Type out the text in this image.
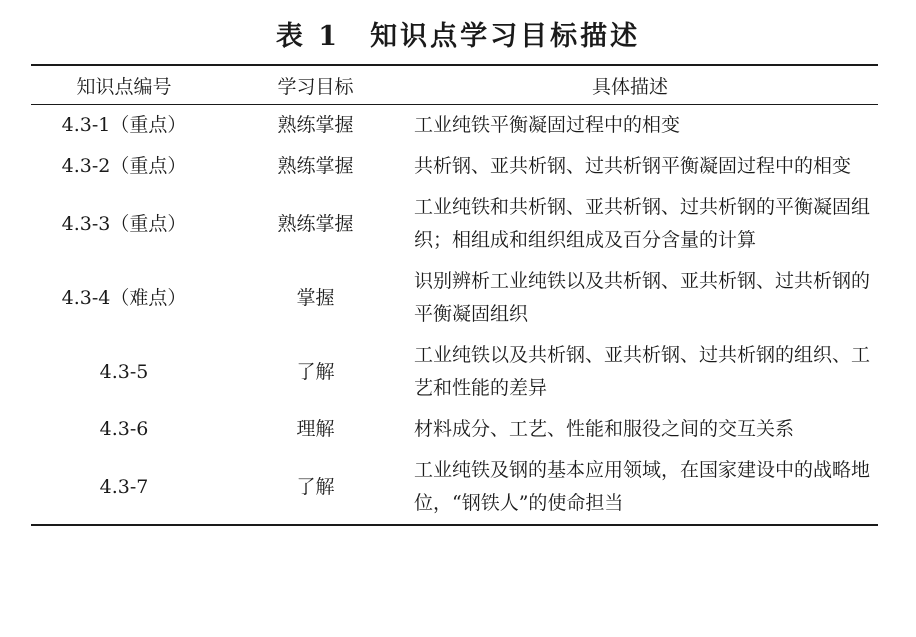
表 1 知识点学习目标描述
知识点编号	学习目标	具体描述
4.3-1（重点）	熟练掌握	工业纯铁平衡凝固过程中的相变
4.3-2（重点）	熟练掌握	共析钢、亚共析钢、过共析钢平衡凝固过程中的相变
4.3-3（重点）	熟练掌握	工业纯铁和共析钢、亚共析钢、过共析钢的平衡凝固组织；相组成和组织组成及百分含量的计算
4.3-4（难点）	掌握	识别辨析工业纯铁以及共析钢、亚共析钢、过共析钢的平衡凝固组织
4.3-5	了解	工业纯铁以及共析钢、亚共析钢、过共析钢的组织、工艺和性能的差异
4.3-6	理解	材料成分、工艺、性能和服役之间的交互关系
4.3-7	了解	工业纯铁及钢的基本应用领域，在国家建设中的战略地位，“钢铁人”的使命担当
